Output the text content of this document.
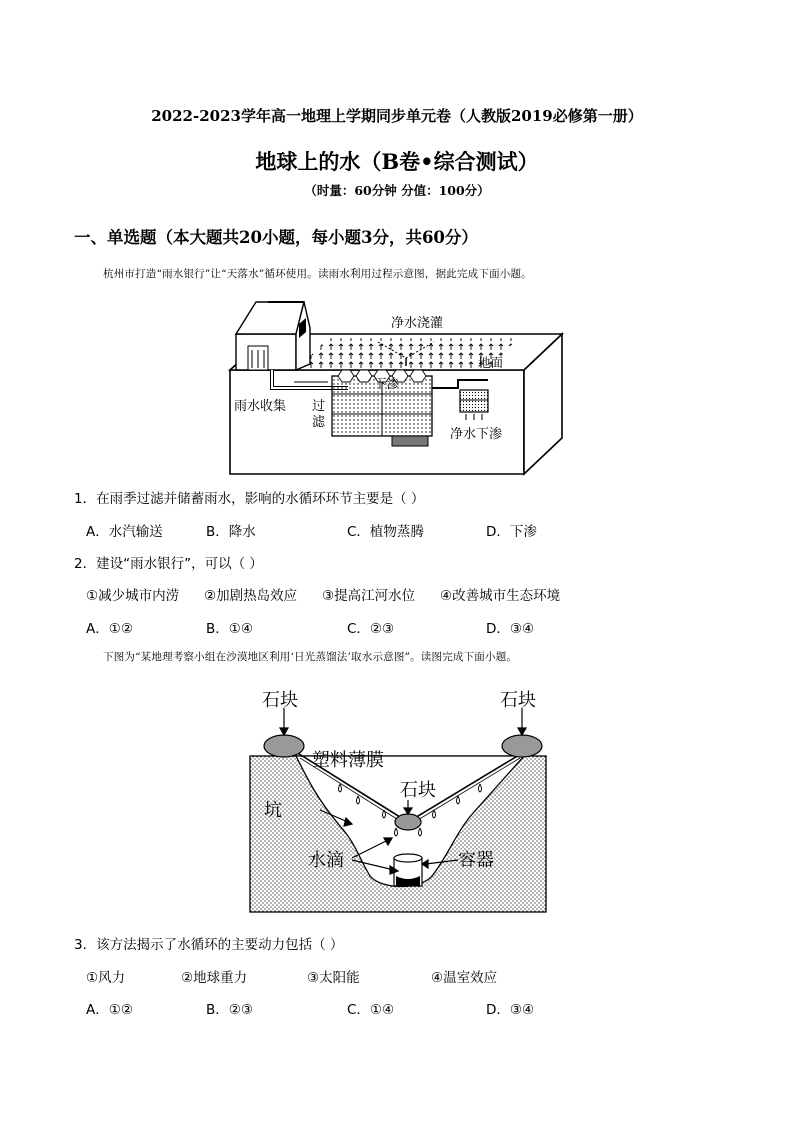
2022-2023学年高一地理上学期同步单元卷（人教版2019必修第一册）
地球上的水（B卷•综合测试）
（时量：60分钟 分值：100分）
一、单选题（本大题共20小题，每小题3分，共60分）
杭州市打造“雨水银行”让“天落水”循环使用。读雨水利用过程示意图，据此完成下面小题。
净水浇灌
地面
下渗
雨水收集 过
滤
净水下渗
1．在雨季过滤并储蓄雨水，影响的水循环环节主要是（ ）
A．水汽输送	B．降水	C．植物蒸腾	D．下渗
2．建设“雨水银行”，可以（ ）
①减少城市内涝 ②加剧热岛效应 ③提高江河水位 ④改善城市生态环境
A．①②	B．①④	C．②③	D．③④
下图为“某地理考察小组在沙漠地区利用‘日光蒸馏法’取水示意图”。读图完成下面小题。
石块	石块
塑料薄膜
石块
坑
水滴	容器
3．该方法揭示了水循环的主要动力包括（ ）
①风力	②地球重力	③太阳能	④温室效应
A．①②	B．②③	C．①④	D．③④
